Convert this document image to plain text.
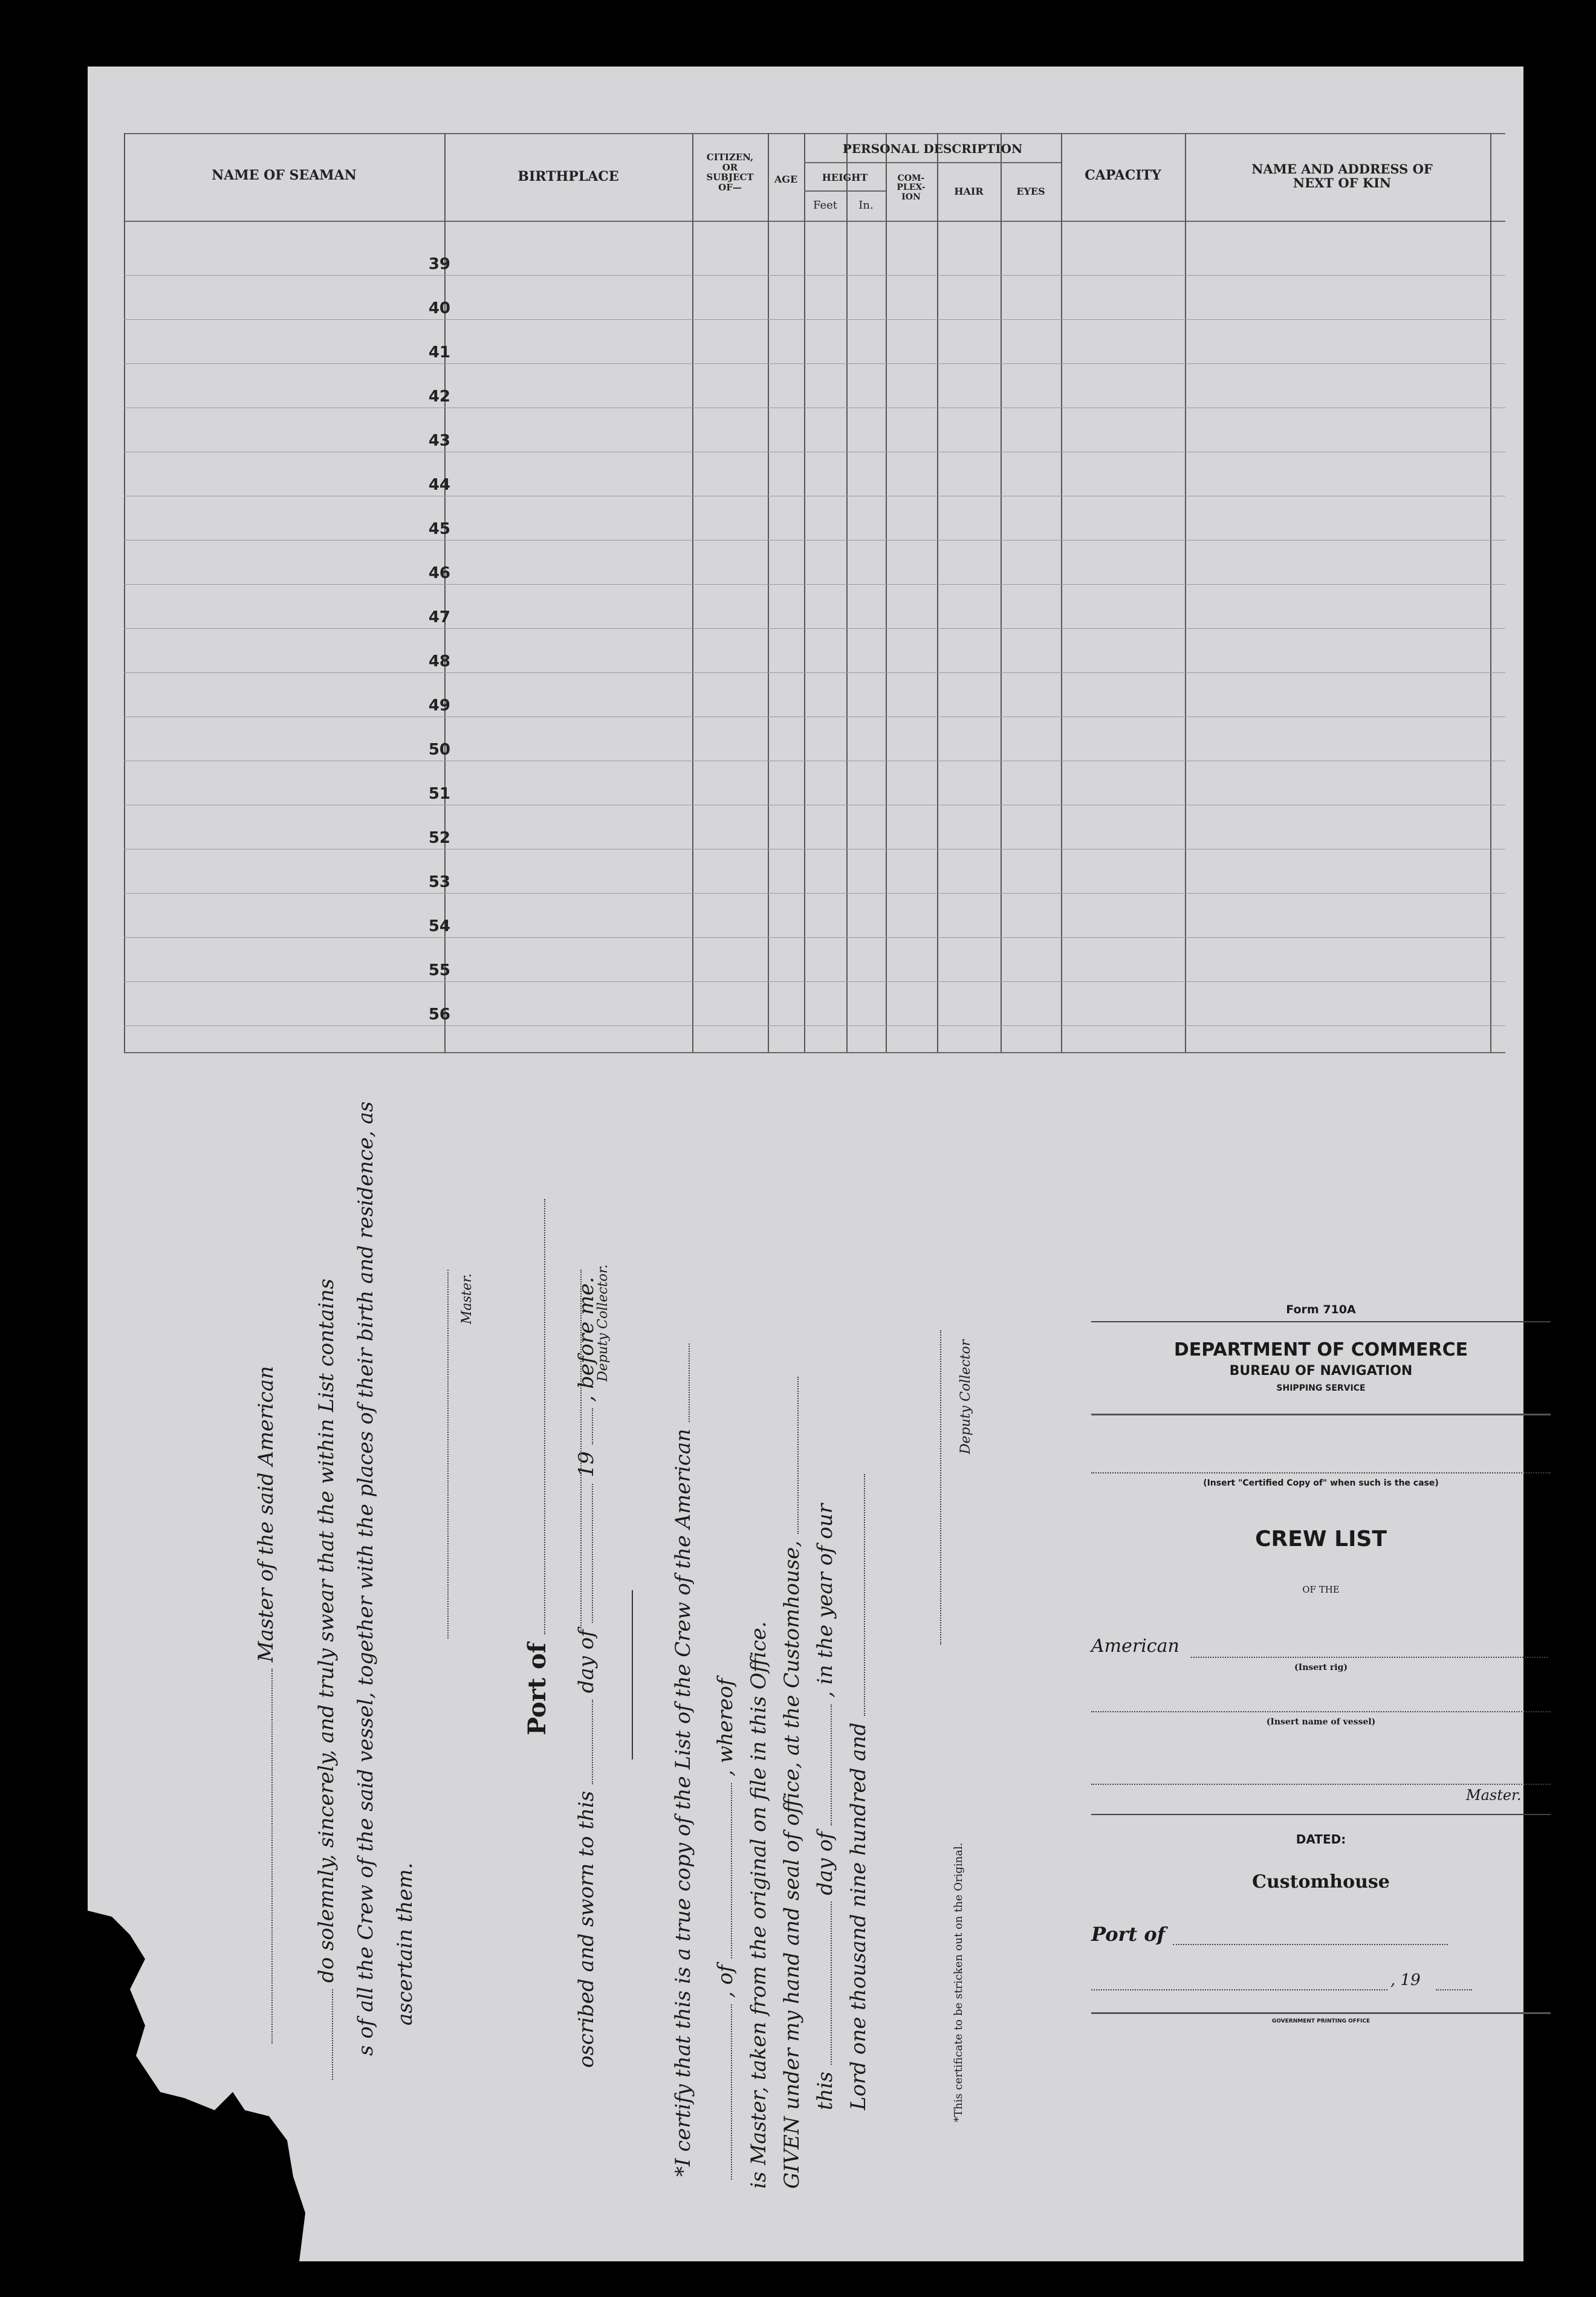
NAME OF SEAMAN	BIRTHPLACE
CITIZEN, OR SUBJECT OF—
AGE
PERSONAL DESCRIPTION
HEIGHT
Feet	In.
COM- PLEX- ION	HAIR	EYES
CAPACITY	NAME AND ADDRESS OF NEXT OF KIN
39
40
41
42
43
44
45
46
47
48
49
50
51
52
53
54
55
56
Master of the said American do solemnly, sincerely, and truly swear that the within List contains s of all the Crew of the said vessel, together with the places of their birth and residence, as ascertain them.
Master.
Port of
oscribed and sworn to this  day of  19  , before me.
Deputy Collector.
*I certify that this is a true copy of the List of the Crew of the American , of  , whereof is Master, taken from the original on file in this Office. GIVEN under my hand and seal of office, at the Customhouse, this  day of  , in the year of our
Lord one thousand nine hundred and
Deputy Collector
*This certificate to be stricken out on the Original.
Form 710A
DEPARTMENT OF COMMERCE
BUREAU OF NAVIGATION
SHIPPING SERVICE
(Insert "Certified Copy of" when such is the case)
CREW LIST
OF THE
American
(Insert rig)
(Insert name of vessel)
Master.
DATED:
Customhouse
Port of
, 19
GOVERNMENT PRINTING OFFICE
